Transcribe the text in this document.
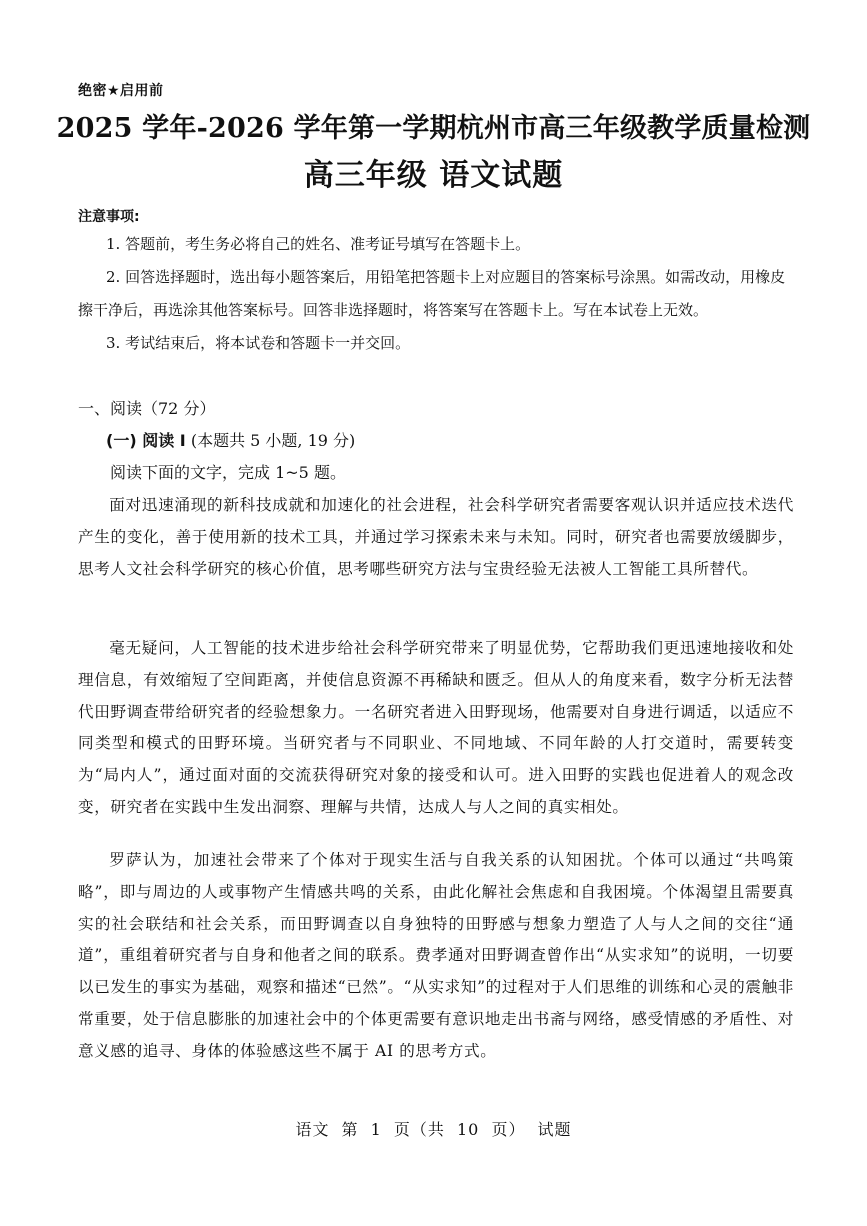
绝密★启用前
2025 学年-2026 学年第一学期杭州市高三年级教学质量检测
高三年级 语文试题
注意事项:
1. 答题前，考生务必将自己的姓名、准考证号填写在答题卡上。
2. 回答选择题时，选出每小题答案后，用铅笔把答题卡上对应题目的答案标号涂黑。如需改动，用橡皮擦干净后，再选涂其他答案标号。回答非选择题时，将答案写在答题卡上。写在本试卷上无效。
3. 考试结束后，将本试卷和答题卡一并交回。
一、阅读（72 分）
(一) 阅读 I (本题共 5 小题, 19 分)
阅读下面的文字，完成 1~5 题。
面对迅速涌现的新科技成就和加速化的社会进程，社会科学研究者需要客观认识并适应技术迭代产生的变化，善于使用新的技术工具，并通过学习探索未来与未知。同时，研究者也需要放缓脚步，思考人文社会科学研究的核心价值，思考哪些研究方法与宝贵经验无法被人工智能工具所替代。
毫无疑问，人工智能的技术进步给社会科学研究带来了明显优势，它帮助我们更迅速地接收和处理信息，有效缩短了空间距离，并使信息资源不再稀缺和匮乏。但从人的角度来看，数字分析无法替代田野调查带给研究者的经验想象力。一名研究者进入田野现场，他需要对自身进行调适，以适应不同类型和模式的田野环境。当研究者与不同职业、不同地域、不同年龄的人打交道时，需要转变为“局内人”，通过面对面的交流获得研究对象的接受和认可。进入田野的实践也促进着人的观念改变，研究者在实践中生发出洞察、理解与共情，达成人与人之间的真实相处。
罗萨认为，加速社会带来了个体对于现实生活与自我关系的认知困扰。个体可以通过“共鸣策略”，即与周边的人或事物产生情感共鸣的关系，由此化解社会焦虑和自我困境。个体渴望且需要真实的社会联结和社会关系，而田野调查以自身独特的田野感与想象力塑造了人与人之间的交往“通道”，重组着研究者与自身和他者之间的联系。费孝通对田野调查曾作出“从实求知”的说明，一切要以已发生的事实为基础，观察和描述“已然”。“从实求知”的过程对于人们思维的训练和心灵的震触非常重要，处于信息膨胀的加速社会中的个体更需要有意识地走出书斋与网络，感受情感的矛盾性、对意义感的追寻、身体的体验感这些不属于 AI 的思考方式。
语文 第 1 页（共 10 页） 试题
